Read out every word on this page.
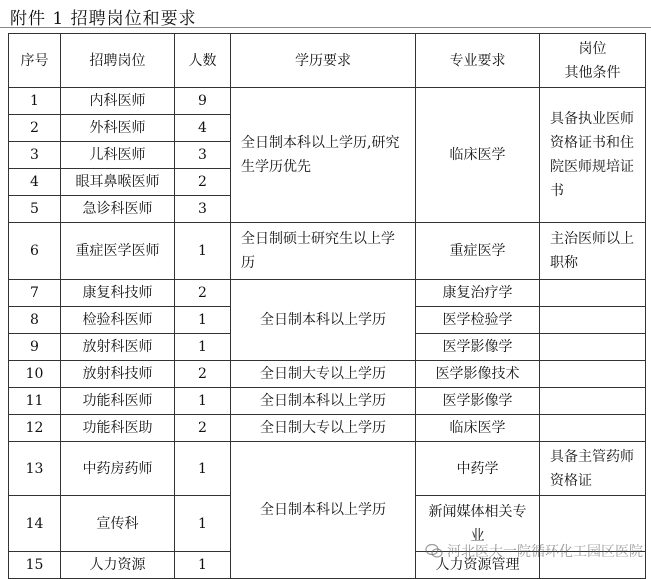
附件 1 招聘岗位和要求
序号	招聘岗位	人数	学历要求	专业要求	岗位
其他条件

1	内科医师	9	全日制本科以上学历,研究生学历优先	临床医学	具备执业医师资格证书和住院医师规培证书
2	外科医师	4			
3	儿科医师	3			
4	眼耳鼻喉医师	2			
5	急诊科医师	3			
6	重症医学医师	1	全日制硕士研究生以上学历	重症医学	主治医师以上职称
7	康复科技师	2	全日制本科以上学历	康复治疗学	
8	检验科医师	1		医学检验学	
9	放射科医师	1		医学影像学	
10	放射科技师	2	全日制大专以上学历	医学影像技术	
11	功能科医师	1	全日制本科以上学历	医学影像学	
12	功能科医助	2	全日制大专以上学历	临床医学	
13	中药房药师	1	全日制本科以上学历	中药学	具备主管药师资格证
14	宣传科	1		新闻媒体相关专业	
15	人力资源	1		人力资源管理	
河北医大一院循环化工园区医院
